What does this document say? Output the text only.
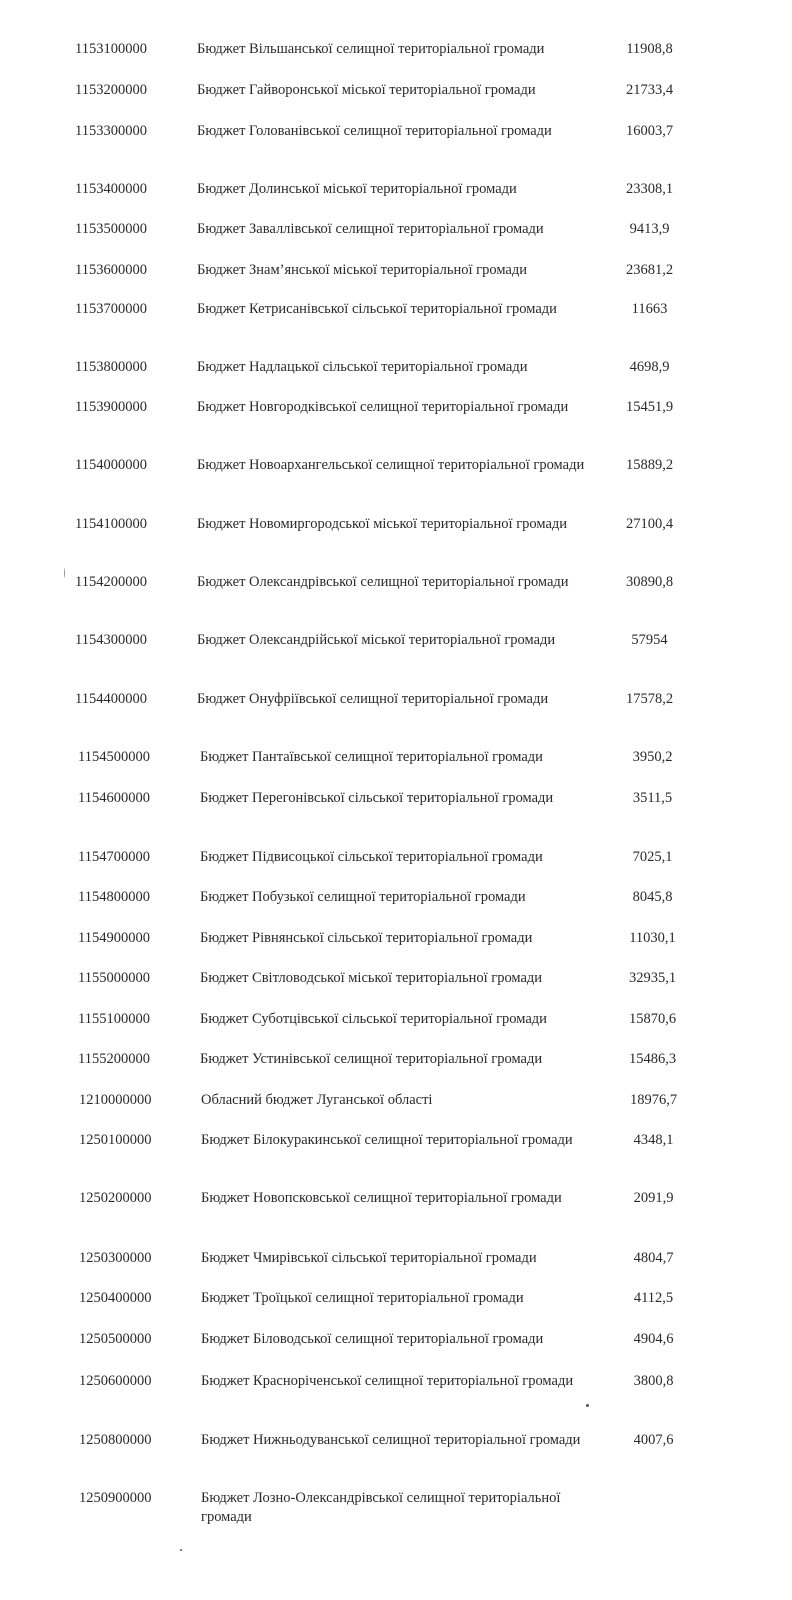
1153100000	Бюджет Вільшанської селищної територіальної громади	11908,8
1153200000	Бюджет Гайворонської міської територіальної громади	21733,4
1153300000	Бюджет Голованівської селищної територіальної громади	16003,7
1153400000	Бюджет Долинської міської територіальної громади	23308,1
1153500000	Бюджет Заваллівської селищної територіальної громади	9413,9
1153600000	Бюджет Знам’янської міської територіальної громади	23681,2
1153700000	Бюджет Кетрисанівської сільської територіальної громади	11663
1153800000	Бюджет Надлацької сільської територіальної громади	4698,9
1153900000	Бюджет Новгородківської селищної територіальної громади	15451,9
1154000000	Бюджет Новоархангельської селищної територіальної громади	15889,2
1154100000	Бюджет Новомиргородської міської територіальної громади	27100,4
1154200000	Бюджет Олександрівської селищної територіальної громади	30890,8
1154300000	Бюджет Олександрійської міської територіальної громади	57954
1154400000	Бюджет Онуфріївської селищної територіальної громади	17578,2
1154500000	Бюджет Пантаївської селищної територіальної громади	3950,2
1154600000	Бюджет Перегонівської сільської територіальної громади	3511,5
1154700000	Бюджет Підвисоцької сільської територіальної громади	7025,1
1154800000	Бюджет Побузької селищної територіальної громади	8045,8
1154900000	Бюджет Рівнянської сільської територіальної громади	11030,1
1155000000	Бюджет Світловодської міської територіальної громади	32935,1
1155100000	Бюджет Суботцівської сільської територіальної громади	15870,6
1155200000	Бюджет Устинівської селищної територіальної громади	15486,3
1210000000	Обласний бюджет Луганської області	18976,7
1250100000	Бюджет Білокуракинської селищної територіальної громади	4348,1
1250200000	Бюджет Новопсковської селищної територіальної громади	2091,9
1250300000	Бюджет Чмирівської сільської територіальної громади	4804,7
1250400000	Бюджет Троїцької селищної територіальної громади	4112,5
1250500000	Бюджет Біловодської селищної територіальної громади	4904,6
1250600000	Бюджет Красноріченської селищної територіальної громади	3800,8
1250800000	Бюджет Нижньодуванської селищної територіальної громади	4007,6
1250900000	Бюджет Лозно-Олександрівської селищної територіальної громади
